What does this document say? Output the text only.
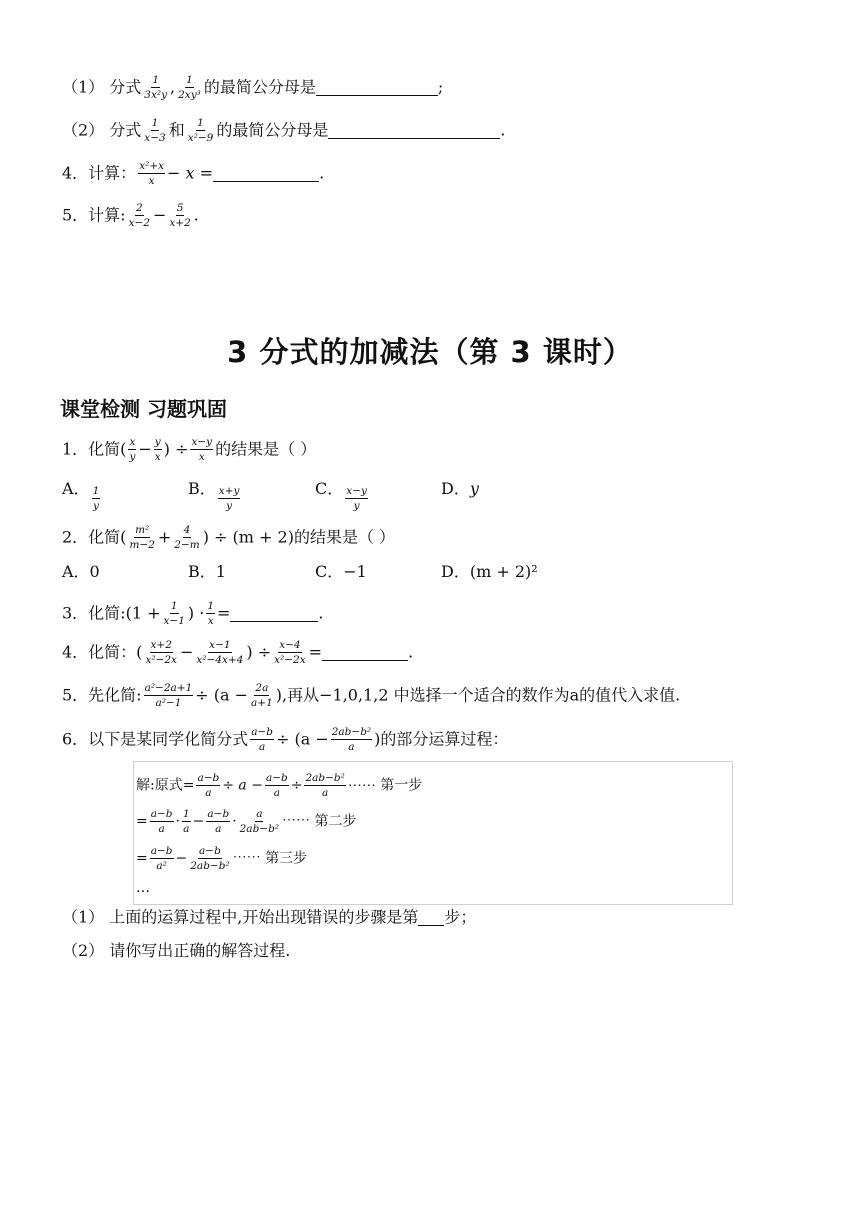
（1） 分式 $\frac{1}{\text{3x²y}}$ , $\frac{1}{\text{2xy³}}$ 的最简公分母是	;
（2） 分式 $\frac{1}{x-3}$ 和 $\frac{1}{\text{x²−9}}$ 的最简公分母是	.
4．计算： $\frac{\text{x²+x}}{x} - x$ =	.
5．计算: $\frac{2}{x-2} - \frac{5}{x+2}$ .
3 分式的加减法（第 3 课时）
课堂检测 习题巩固
1．化简( $\frac{x}{y} - \frac{y}{x}$ ) ÷ $\frac{x-y}{x}$ 的结果是（ ）
A． $\frac{1}{y}$	B． $\frac{x+y}{y}$	C． $\frac{x-y}{y}$	D．y
2．化简( $\frac{\text{m²}}{m-2} + \frac{4}{2-m}$ ) ÷ (m + 2)的结果是（ ）
A．0	B．1	C．−1	D．(m + 2)²
3．化简:(1 + $\frac{1}{x-1}$ ) · $\frac{1}{x}$ =	.
4．化简：( $\frac{x+2}{\text{x²−2x}} - \frac{x-1}{\text{x²−4x+4}}$ ) ÷ $\frac{x-4}{\text{x²−2x}}$ =	.
5．先化简: $\frac{\text{a²−2a+1}}{\text{a²−1}} \div (a - \frac{2a}{a+1}$ ),再从−1,0,1,2 中选择一个适合的数作为a的值代入求值.
6．以下是某同学化简分式 $\frac{a-b}{a} \div (a - \frac{\text{2ab−b²}}{a}$ )的部分运算过程：
解:原式= $\frac{a-b}{a} \div a - \frac{a-b}{a} \div \frac{\text{2ab−b²}}{a}$ ⋯⋯ 第一步
= $\frac{a-b}{a} \cdot \frac{1}{a} - \frac{a-b}{a} \cdot \frac{a}{\text{2ab−b²}}$ ⋯⋯ 第二步
= $\frac{a-b}{\text{a²}} - \frac{a-b}{\text{2ab−b²}}$ ⋯⋯ 第三步
…
（1） 上面的运算过程中,开始出现错误的步骤是第 步；
（2） 请你写出正确的解答过程.
